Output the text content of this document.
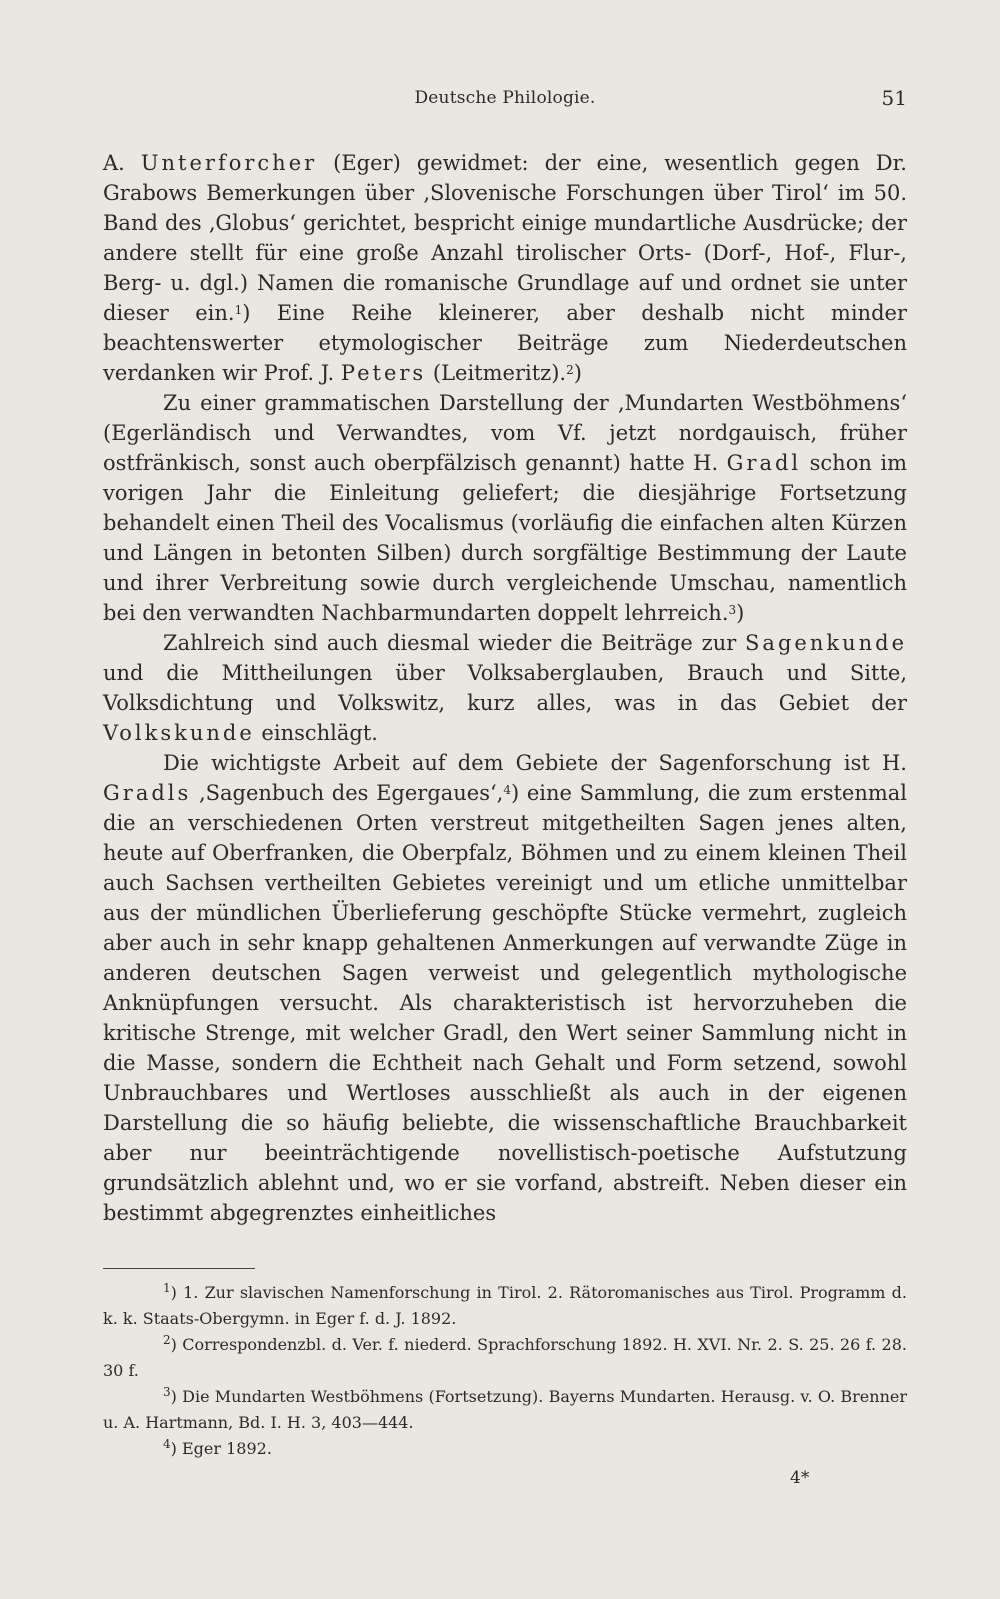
Deutsche Philologie.	51

A. Unterforcher (Eger) gewidmet: der eine, wesentlich gegen Dr. Grabows Bemerkungen über ‚Slovenische Forschungen über Tirol‘ im 50. Band des ‚Globus‘ gerichtet, bespricht einige mundartliche Ausdrücke; der andere stellt für eine große Anzahl tirolischer Orts- (Dorf-, Hof-, Flur-, Berg- u. dgl.) Namen die romanische Grundlage auf und ordnet sie unter dieser ein.$^1$) Eine Reihe kleinerer, aber deshalb nicht minder beachtenswerter etymologischer Beiträge zum Niederdeutschen verdanken wir Prof. J. Peters (Leitmeritz).$^2$)

Zu einer grammatischen Darstellung der ‚Mundarten Westböhmens‘ (Egerländisch und Verwandtes, vom Vf. jetzt nordgauisch, früher ostfränkisch, sonst auch oberpfälzisch genannt) hatte H. Gradl schon im vorigen Jahr die Einleitung geliefert; die diesjährige Fortsetzung behandelt einen Theil des Vocalismus (vorläufig die einfachen alten Kürzen und Längen in betonten Silben) durch sorgfältige Bestimmung der Laute und ihrer Verbreitung sowie durch vergleichende Umschau, namentlich bei den verwandten Nachbarmundarten doppelt lehrreich.$^3$)

Zahlreich sind auch diesmal wieder die Beiträge zur Sagenkunde und die Mittheilungen über Volksaberglauben, Brauch und Sitte, Volksdichtung und Volkswitz, kurz alles, was in das Gebiet der Volkskunde einschlägt.

Die wichtigste Arbeit auf dem Gebiete der Sagenforschung ist H. Gradls ‚Sagenbuch des Egergaues‘,$^4$) eine Sammlung, die zum erstenmal die an verschiedenen Orten verstreut mitgetheilten Sagen jenes alten, heute auf Oberfranken, die Oberpfalz, Böhmen und zu einem kleinen Theil auch Sachsen vertheilten Gebietes vereinigt und um etliche unmittelbar aus der mündlichen Überlieferung geschöpfte Stücke vermehrt, zugleich aber auch in sehr knapp gehaltenen Anmerkungen auf verwandte Züge in anderen deutschen Sagen verweist und gelegentlich mythologische Anknüpfungen versucht. Als charakteristisch ist hervorzuheben die kritische Strenge, mit welcher Gradl, den Wert seiner Sammlung nicht in die Masse, sondern die Echtheit nach Gehalt und Form setzend, sowohl Unbrauchbares und Wertloses ausschließt als auch in der eigenen Darstellung die so häufig beliebte, die wissenschaftliche Brauchbarkeit aber nur beeinträchtigende novellistisch-poetische Aufstutzung grundsätzlich ablehnt und, wo er sie vorfand, abstreift. Neben dieser ein bestimmt abgegrenztes einheitliches

$^1$) 1. Zur slavischen Namenforschung in Tirol. 2. Rätoromanisches aus Tirol. Programm d. k. k. Staats-Obergymn. in Eger f. d. J. 1892.

$^2$) Correspondenzbl. d. Ver. f. niederd. Sprachforschung 1892. H. XVI. Nr. 2. S. 25. 26 f. 28. 30 f.

$^3$) Die Mundarten Westböhmens (Fortsetzung). Bayerns Mundarten. Herausg. v. O. Brenner u. A. Hartmann, Bd. I. H. 3, 403—444.

$^4$) Eger 1892.

4*
